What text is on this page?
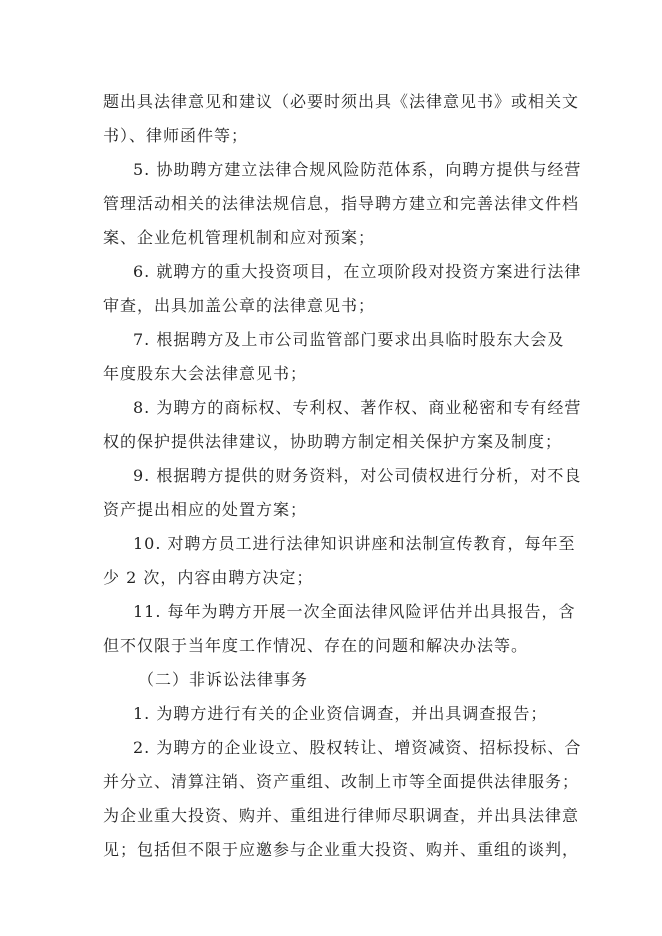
题出具法律意见和建议（必要时须出具《法律意见书》或相关文
书）、律师函件等；
5. 协助聘方建立法律合规风险防范体系，向聘方提供与经营
管理活动相关的法律法规信息，指导聘方建立和完善法律文件档
案、企业危机管理机制和应对预案；
6. 就聘方的重大投资项目，在立项阶段对投资方案进行法律
审查，出具加盖公章的法律意见书；
7. 根据聘方及上市公司监管部门要求出具临时股东大会及
年度股东大会法律意见书；
8. 为聘方的商标权、专利权、著作权、商业秘密和专有经营
权的保护提供法律建议，协助聘方制定相关保护方案及制度；
9. 根据聘方提供的财务资料，对公司债权进行分析，对不良
资产提出相应的处置方案；
10. 对聘方员工进行法律知识讲座和法制宣传教育，每年至
少 2 次，内容由聘方决定；
11. 每年为聘方开展一次全面法律风险评估并出具报告，含
但不仅限于当年度工作情况、存在的问题和解决办法等。
（二）非诉讼法律事务
1. 为聘方进行有关的企业资信调查，并出具调查报告；
2. 为聘方的企业设立、股权转让、增资减资、招标投标、合
并分立、清算注销、资产重组、改制上市等全面提供法律服务；
为企业重大投资、购并、重组进行律师尽职调查，并出具法律意
见；包括但不限于应邀参与企业重大投资、购并、重组的谈判，
